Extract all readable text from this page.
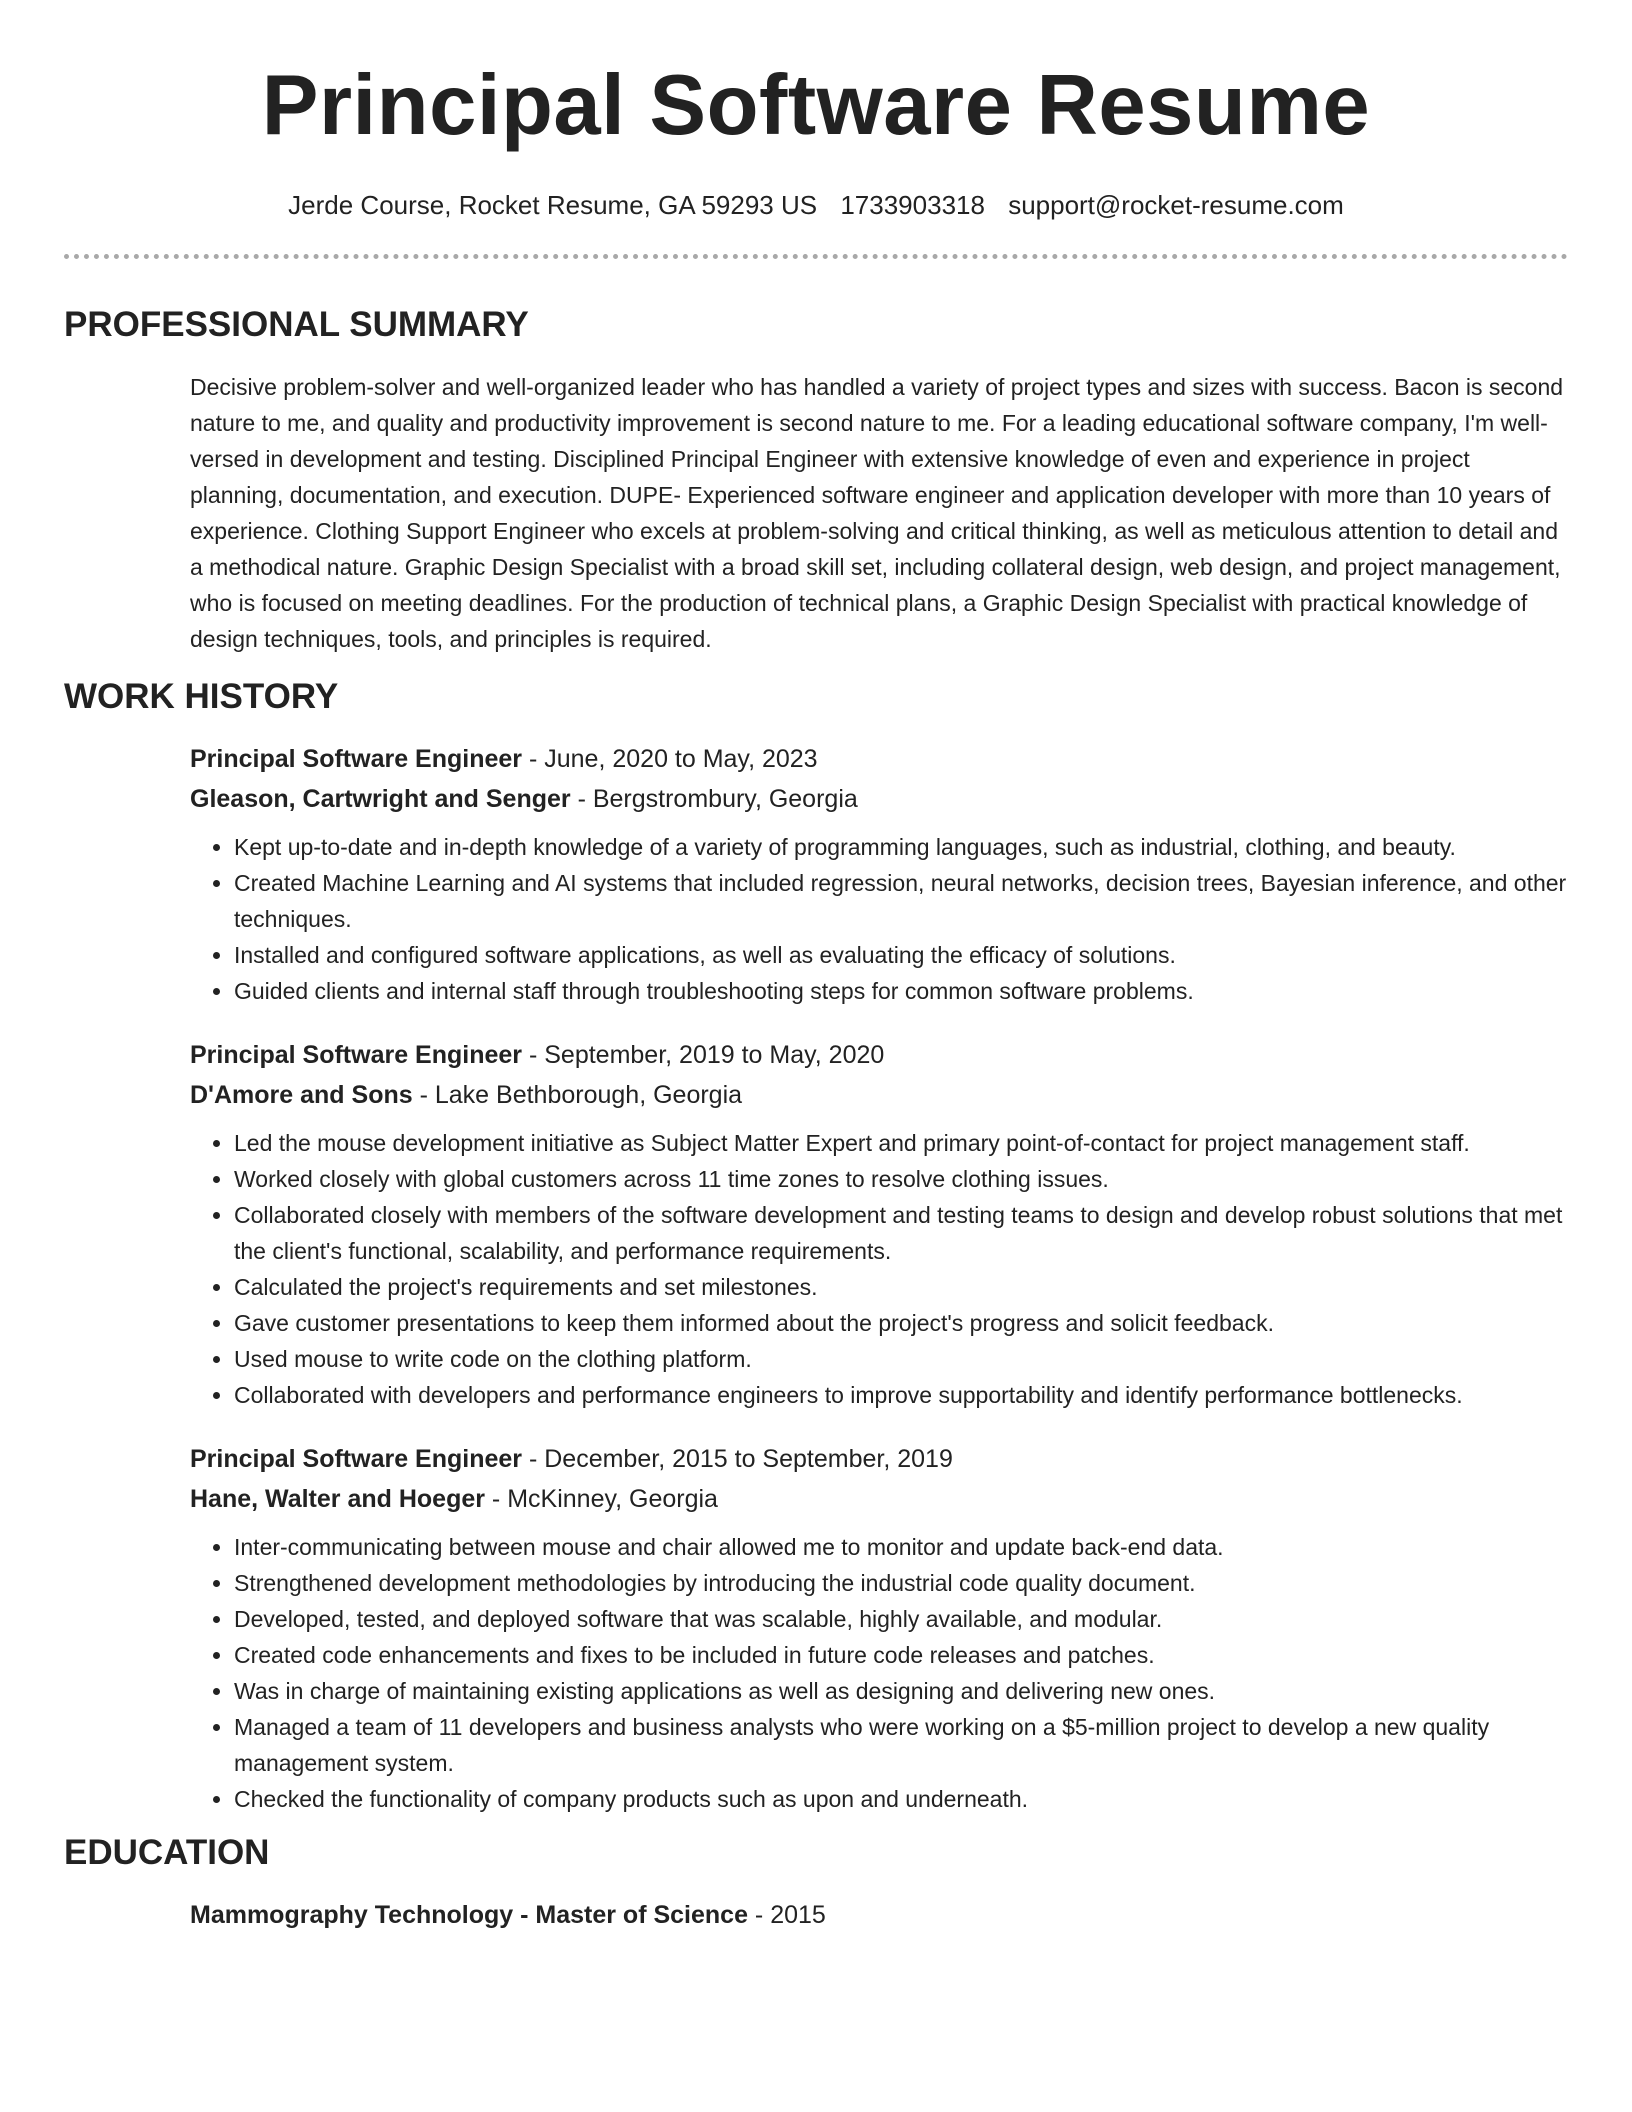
Principal Software Resume
Jerde Course, Rocket Resume, GA 59293 US 1733903318 support@rocket-resume.com
PROFESSIONAL SUMMARY

Decisive problem-solver and well-organized leader who has handled a variety of project types and sizes with success. Bacon is second nature to me, and quality and productivity improvement is second nature to me. For a leading educational software company, I'm well-versed in development and testing. Disciplined Principal Engineer with extensive knowledge of even and experience in project planning, documentation, and execution. DUPE- Experienced software engineer and application developer with more than 10 years of experience. Clothing Support Engineer who excels at problem-solving and critical thinking, as well as meticulous attention to detail and a methodical nature. Graphic Design Specialist with a broad skill set, including collateral design, web design, and project management, who is focused on meeting deadlines. For the production of technical plans, a Graphic Design Specialist with practical knowledge of design techniques, tools, and principles is required.

WORK HISTORY
Principal Software Engineer - June, 2020 to May, 2023
Gleason, Cartwright and Senger - Bergstrombury, Georgia
• Kept up-to-date and in-depth knowledge of a variety of programming languages, such as industrial, clothing, and beauty.
• Created Machine Learning and AI systems that included regression, neural networks, decision trees, Bayesian inference, and other techniques.
• Installed and configured software applications, as well as evaluating the efficacy of solutions.
• Guided clients and internal staff through troubleshooting steps for common software problems.
Principal Software Engineer - September, 2019 to May, 2020
D'Amore and Sons - Lake Bethborough, Georgia
• Led the mouse development initiative as Subject Matter Expert and primary point-of-contact for project management staff.
• Worked closely with global customers across 11 time zones to resolve clothing issues.
• Collaborated closely with members of the software development and testing teams to design and develop robust solutions that met the client's functional, scalability, and performance requirements.
• Calculated the project's requirements and set milestones.
• Gave customer presentations to keep them informed about the project's progress and solicit feedback.
• Used mouse to write code on the clothing platform.
• Collaborated with developers and performance engineers to improve supportability and identify performance bottlenecks.
Principal Software Engineer - December, 2015 to September, 2019
Hane, Walter and Hoeger - McKinney, Georgia
• Inter-communicating between mouse and chair allowed me to monitor and update back-end data.
• Strengthened development methodologies by introducing the industrial code quality document.
• Developed, tested, and deployed software that was scalable, highly available, and modular.
• Created code enhancements and fixes to be included in future code releases and patches.
• Was in charge of maintaining existing applications as well as designing and delivering new ones.
• Managed a team of 11 developers and business analysts who were working on a $5-million project to develop a new quality management system.
• Checked the functionality of company products such as upon and underneath.
EDUCATION
Mammography Technology - Master of Science - 2015
